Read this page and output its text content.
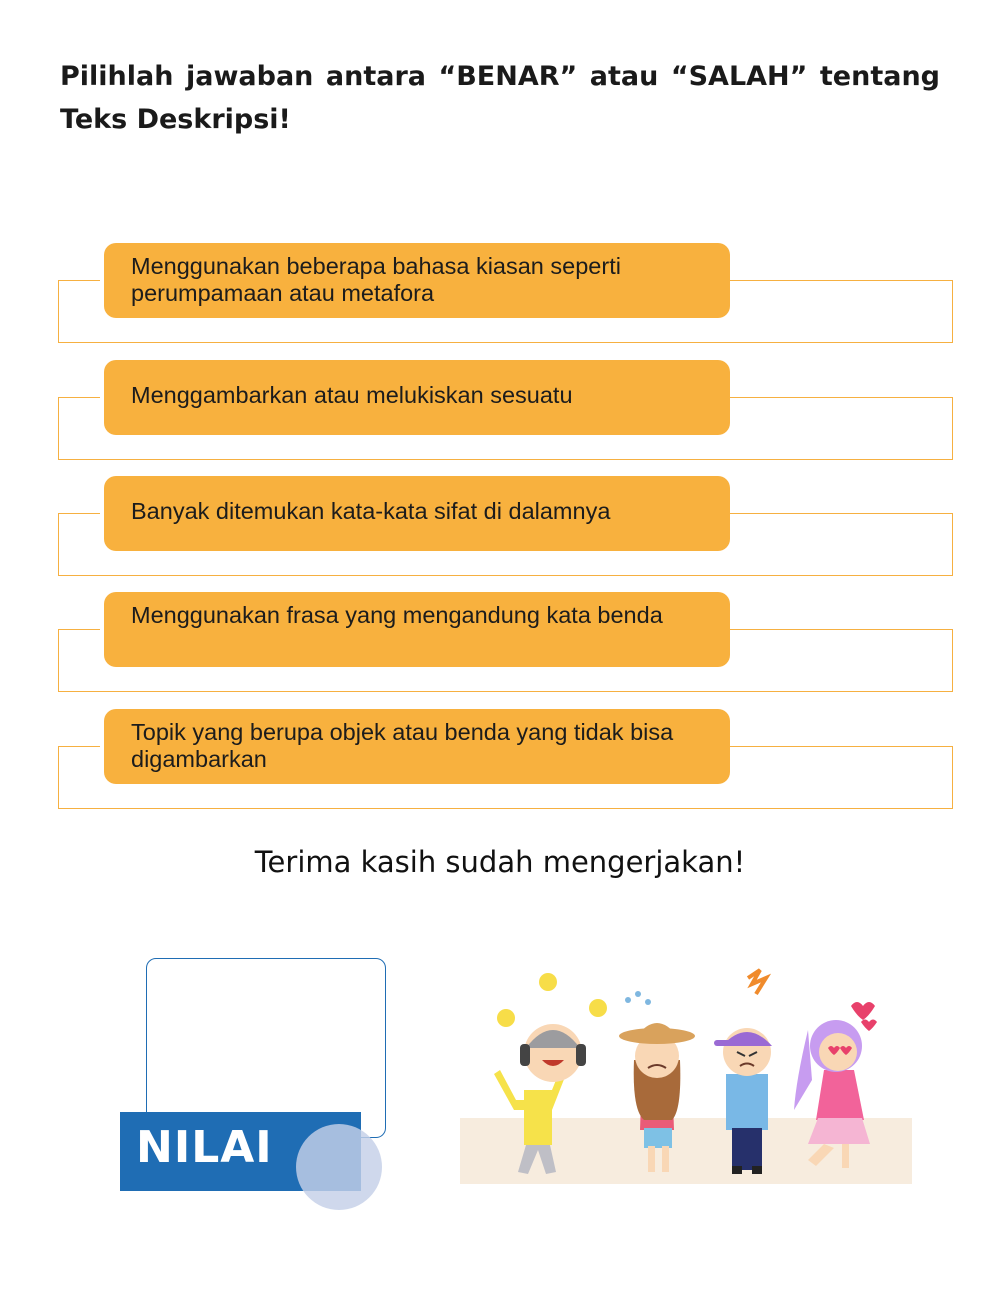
Pilihlah jawaban antara “BENAR” atau “SALAH” tentang Teks Deskripsi!

Menggunakan beberapa bahasa kiasan seperti perumpamaan atau metafora
Menggambarkan atau melukiskan sesuatu
Banyak ditemukan kata-kata sifat di dalamnya
Menggunakan frasa yang mengandung kata benda
Topik yang berupa objek atau benda yang tidak bisa digambarkan

Terima kasih sudah mengerjakan!

NILAI
